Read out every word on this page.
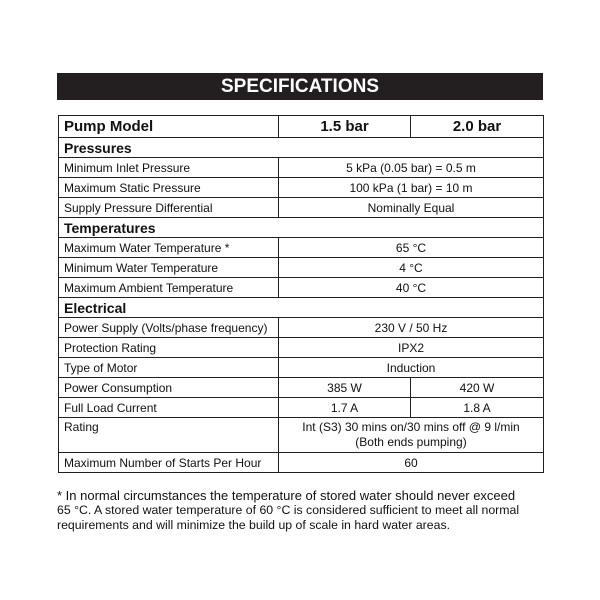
SPECIFICATIONS
Pump Model	1.5 bar	2.0 bar
Pressures		
Minimum Inlet Pressure	5 kPa (0.05 bar) = 0.5 m	
Maximum Static Pressure	100 kPa (1 bar) = 10 m	
Supply Pressure Differential	Nominally Equal	
Temperatures		
Maximum Water Temperature *	65 °C	
Minimum Water Temperature	4 °C	
Maximum Ambient Temperature	40 °C	
Electrical		
Power Supply (Volts/phase frequency)	230 V / 50 Hz	
Protection Rating	IPX2	
Type of Motor	Induction	
Power Consumption	385 W	420 W
Full Load Current	1.7 A	1.8 A
Rating	Int (S3) 30 mins on/30 mins off @ 9 l/min
(Both ends pumping)	

Maximum Number of Starts Per Hour	60	
* In normal circumstances the temperature of stored water should never exceed
65 °C. A stored water temperature of 60 °C is considered sufficient to meet all normal
requirements and will minimize the build up of scale in hard water areas.
